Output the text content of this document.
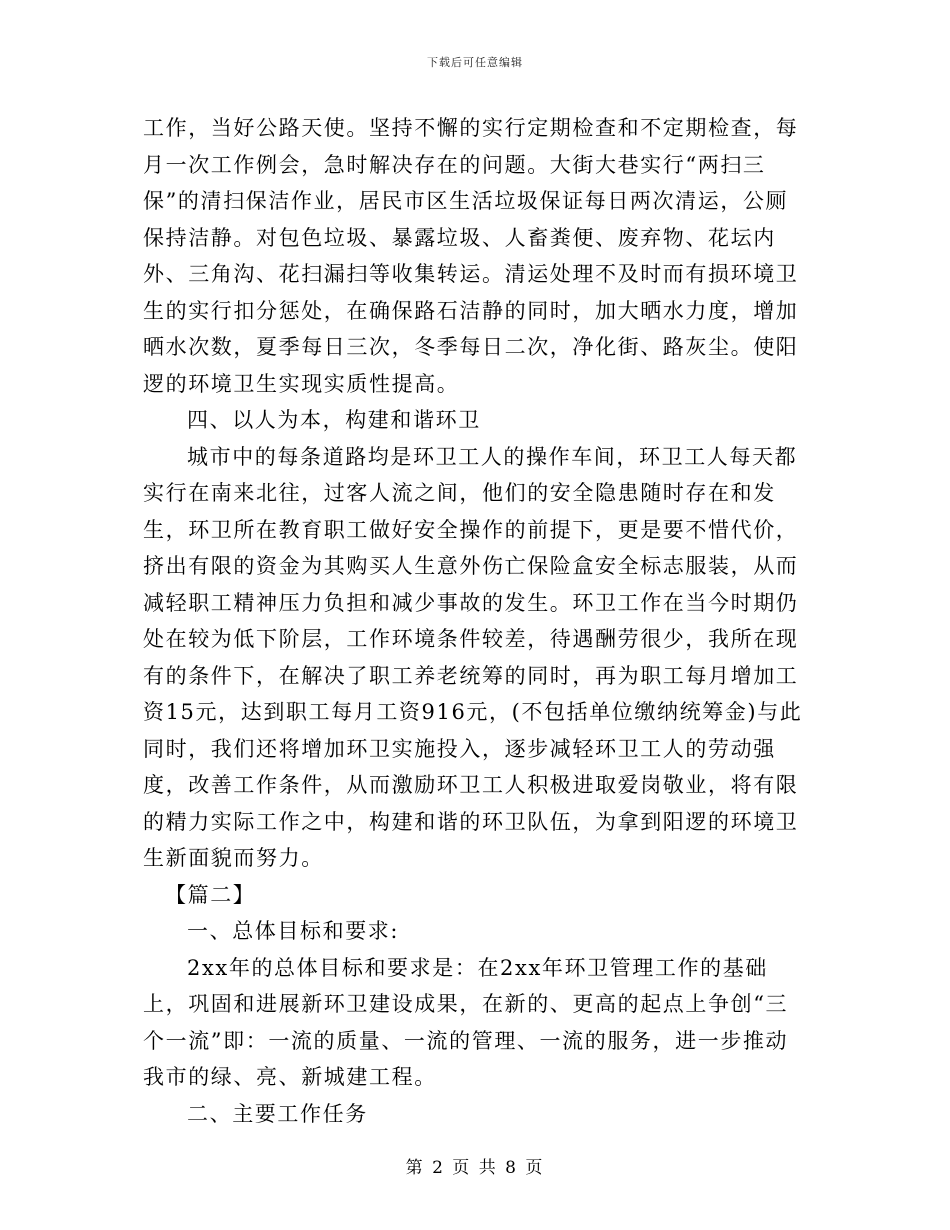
下载后可任意编辑

工作，当好公路天使。坚持不懈的实行定期检查和不定期检查，每月一次工作例会，急时解决存在的问题。大街大巷实行“两扫三保”的清扫保洁作业，居民市区生活垃圾保证每日两次清运，公厕保持洁静。对包色垃圾、暴露垃圾、人畜粪便、废弃物、花坛内外、三角沟、花扫漏扫等收集转运。清运处理不及时而有损环境卫生的实行扣分惩处，在确保路石洁静的同时，加大晒水力度，增加晒水次数，夏季每日三次，冬季每日二次，净化街、路灰尘。使阳逻的环境卫生实现实质性提高。

四、以人为本，构建和谐环卫

城市中的每条道路均是环卫工人的操作车间，环卫工人每天都实行在南来北往，过客人流之间，他们的安全隐患随时存在和发生，环卫所在教育职工做好安全操作的前提下，更是要不惜代价，挤出有限的资金为其购买人生意外伤亡保险盒安全标志服装，从而减轻职工精神压力负担和减少事故的发生。环卫工作在当今时期仍处在较为低下阶层，工作环境条件较差，待遇酬劳很少，我所在现有的条件下，在解决了职工养老统筹的同时，再为职工每月增加工资15元，达到职工每月工资916元，(不包括单位缴纳统筹金)与此同时，我们还将增加环卫实施投入，逐步减轻环卫工人的劳动强度，改善工作条件，从而激励环卫工人积极进取爱岗敬业，将有限的精力实际工作之中，构建和谐的环卫队伍，为拿到阳逻的环境卫生新面貌而努力。

【篇二】

一、总体目标和要求:

2xx年的总体目标和要求是：在2xx年环卫管理工作的基础上，巩固和进展新环卫建设成果，在新的、更高的起点上争创“三个一流”即：一流的质量、一流的管理、一流的服务，进一步推动我市的绿、亮、新城建工程。

二、主要工作任务

第 2 页 共 8 页
